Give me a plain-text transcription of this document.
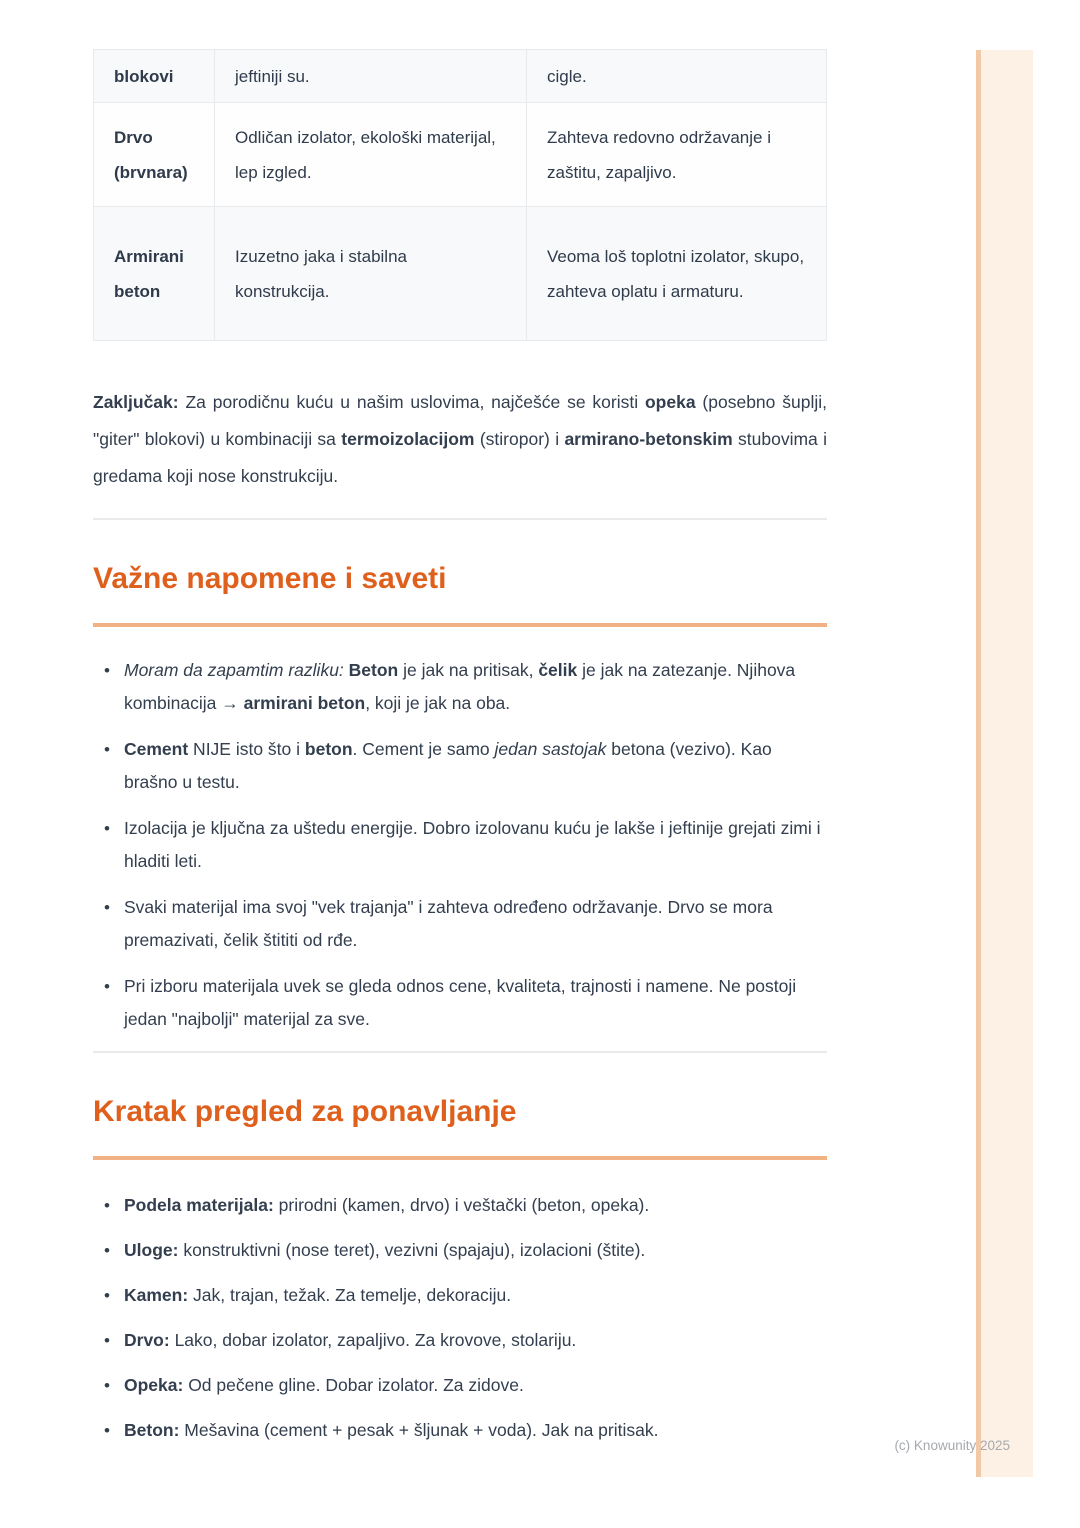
blokovi	jeftiniji su.	cigle.
Drvo (brvnara)
Odličan izolator, ekološki materijal, lep izgled.
Zahteva redovno održavanje i zaštitu, zapaljivo.
Armirani beton
Izuzetno jaka i stabilna konstrukcija.
Veoma loš toplotni izolator, skupo, zahteva oplatu i armaturu.

Zaključak: Za porodičnu kuću u našim uslovima, najčešće se koristi opeka (posebno šuplji, "giter" blokovi) u kombinaciji sa termoizolacijom (stiropor) i armirano-betonskim stubovima i gredama koji nose konstrukciju.

Važne napomene i saveti
• Moram da zapamtim razliku: Beton je jak na pritisak, čelik je jak na zatezanje. Njihova kombinacija → armirani beton, koji je jak na oba.
• Cement NIJE isto što i beton. Cement je samo jedan sastojak betona (vezivo). Kao brašno u testu.
• Izolacija je ključna za uštedu energije. Dobro izolovanu kuću je lakše i jeftinije grejati zimi i hladiti leti.
• Svaki materijal ima svoj "vek trajanja" i zahteva određeno održavanje. Drvo se mora premazivati, čelik štititi od rđe.
• Pri izboru materijala uvek se gleda odnos cene, kvaliteta, trajnosti i namene. Ne postoji jedan "najbolji" materijal za sve.
Kratak pregled za ponavljanje
• Podela materijala: prirodni (kamen, drvo) i veštački (beton, opeka).
• Uloge: konstruktivni (nose teret), vezivni (spajaju), izolacioni (štite).
• Kamen: Jak, trajan, težak. Za temelje, dekoraciju.
• Drvo: Lako, dobar izolator, zapaljivo. Za krovove, stolariju.
• Opeka: Od pečene gline. Dobar izolator. Za zidove.
• Beton: Mešavina (cement + pesak + šljunak + voda). Jak na pritisak.
(c) Knowunity 2025
